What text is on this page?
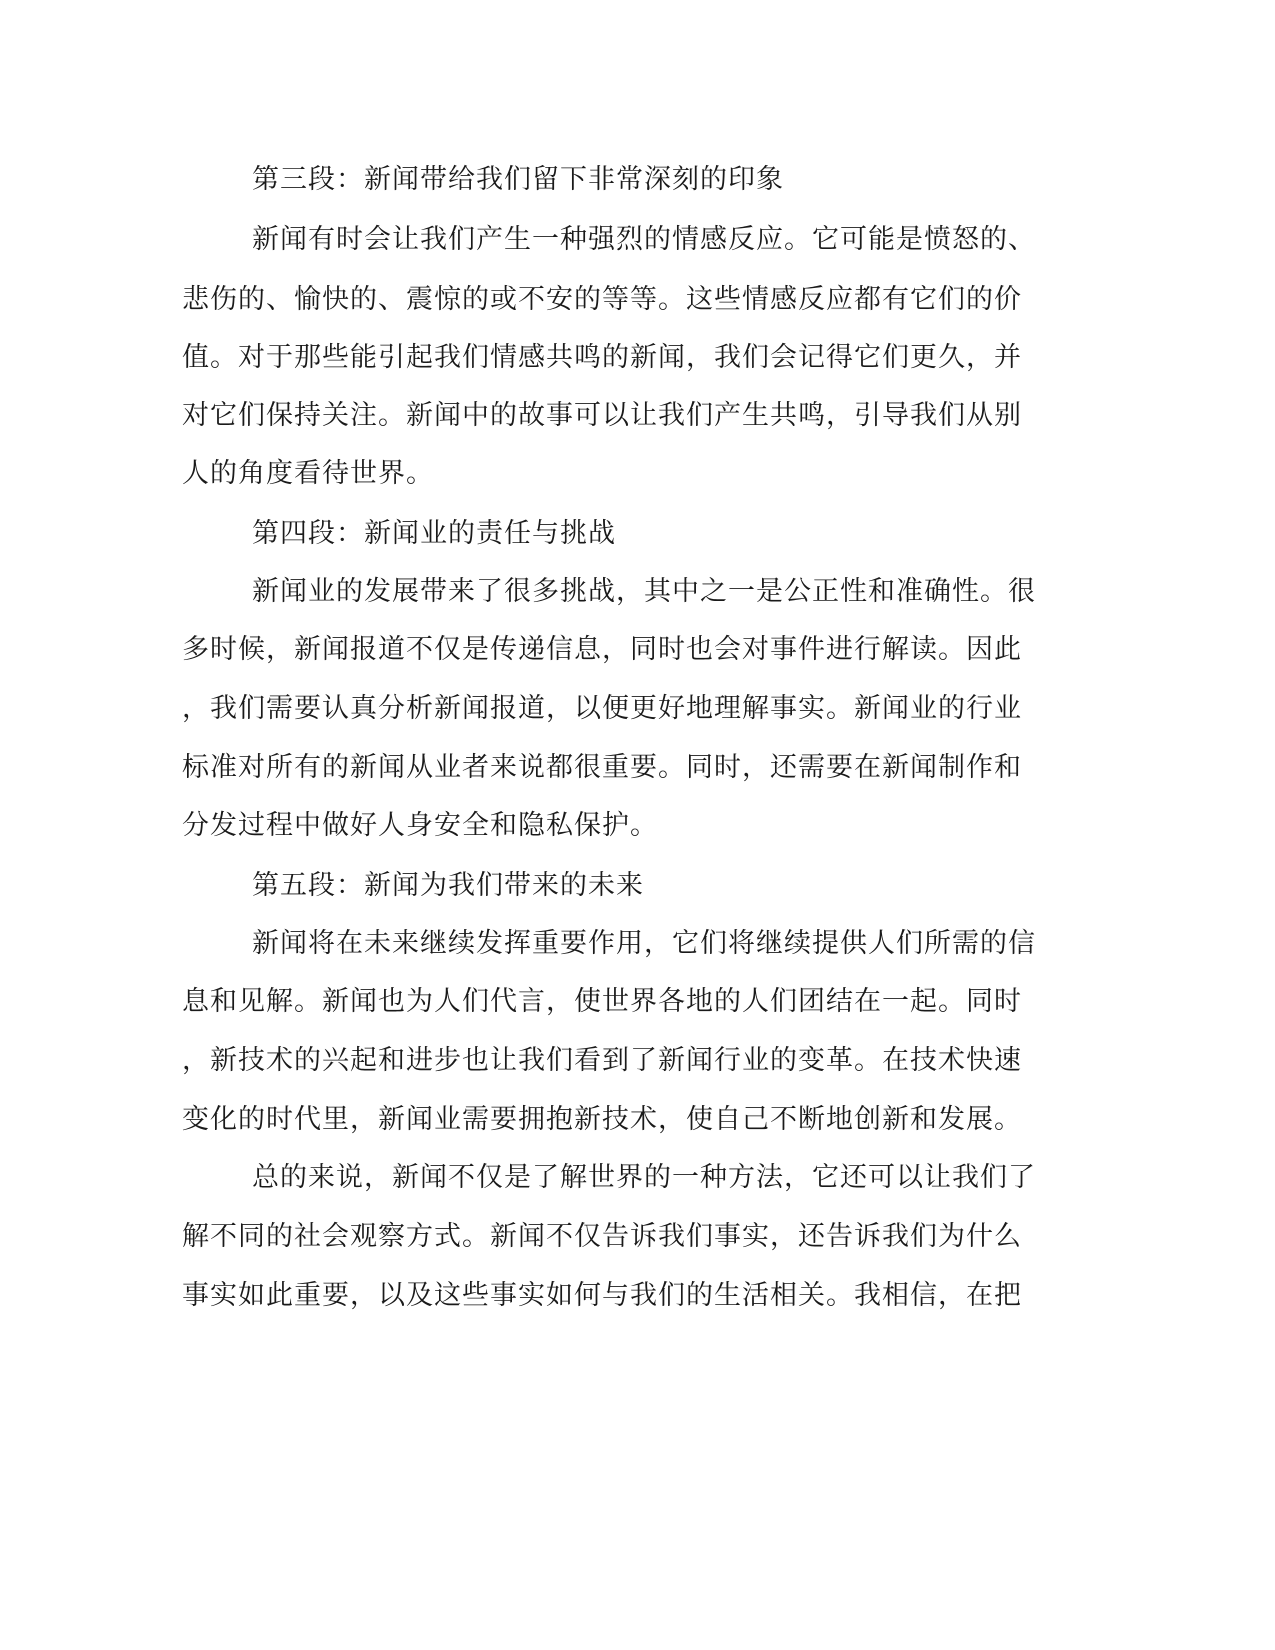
第三段：新闻带给我们留下非常深刻的印象
新闻有时会让我们产生一种强烈的情感反应。它可能是愤怒的、
悲伤的、愉快的、震惊的或不安的等等。这些情感反应都有它们的价
值。对于那些能引起我们情感共鸣的新闻，我们会记得它们更久，并
对它们保持关注。新闻中的故事可以让我们产生共鸣，引导我们从别
人的角度看待世界。
第四段：新闻业的责任与挑战
新闻业的发展带来了很多挑战，其中之一是公正性和准确性。很
多时候，新闻报道不仅是传递信息，同时也会对事件进行解读。因此
，我们需要认真分析新闻报道，以便更好地理解事实。新闻业的行业
标准对所有的新闻从业者来说都很重要。同时，还需要在新闻制作和
分发过程中做好人身安全和隐私保护。
第五段：新闻为我们带来的未来
新闻将在未来继续发挥重要作用，它们将继续提供人们所需的信
息和见解。新闻也为人们代言，使世界各地的人们团结在一起。同时
，新技术的兴起和进步也让我们看到了新闻行业的变革。在技术快速
变化的时代里，新闻业需要拥抱新技术，使自己不断地创新和发展。
总的来说，新闻不仅是了解世界的一种方法，它还可以让我们了
解不同的社会观察方式。新闻不仅告诉我们事实，还告诉我们为什么
事实如此重要，以及这些事实如何与我们的生活相关。我相信，在把
